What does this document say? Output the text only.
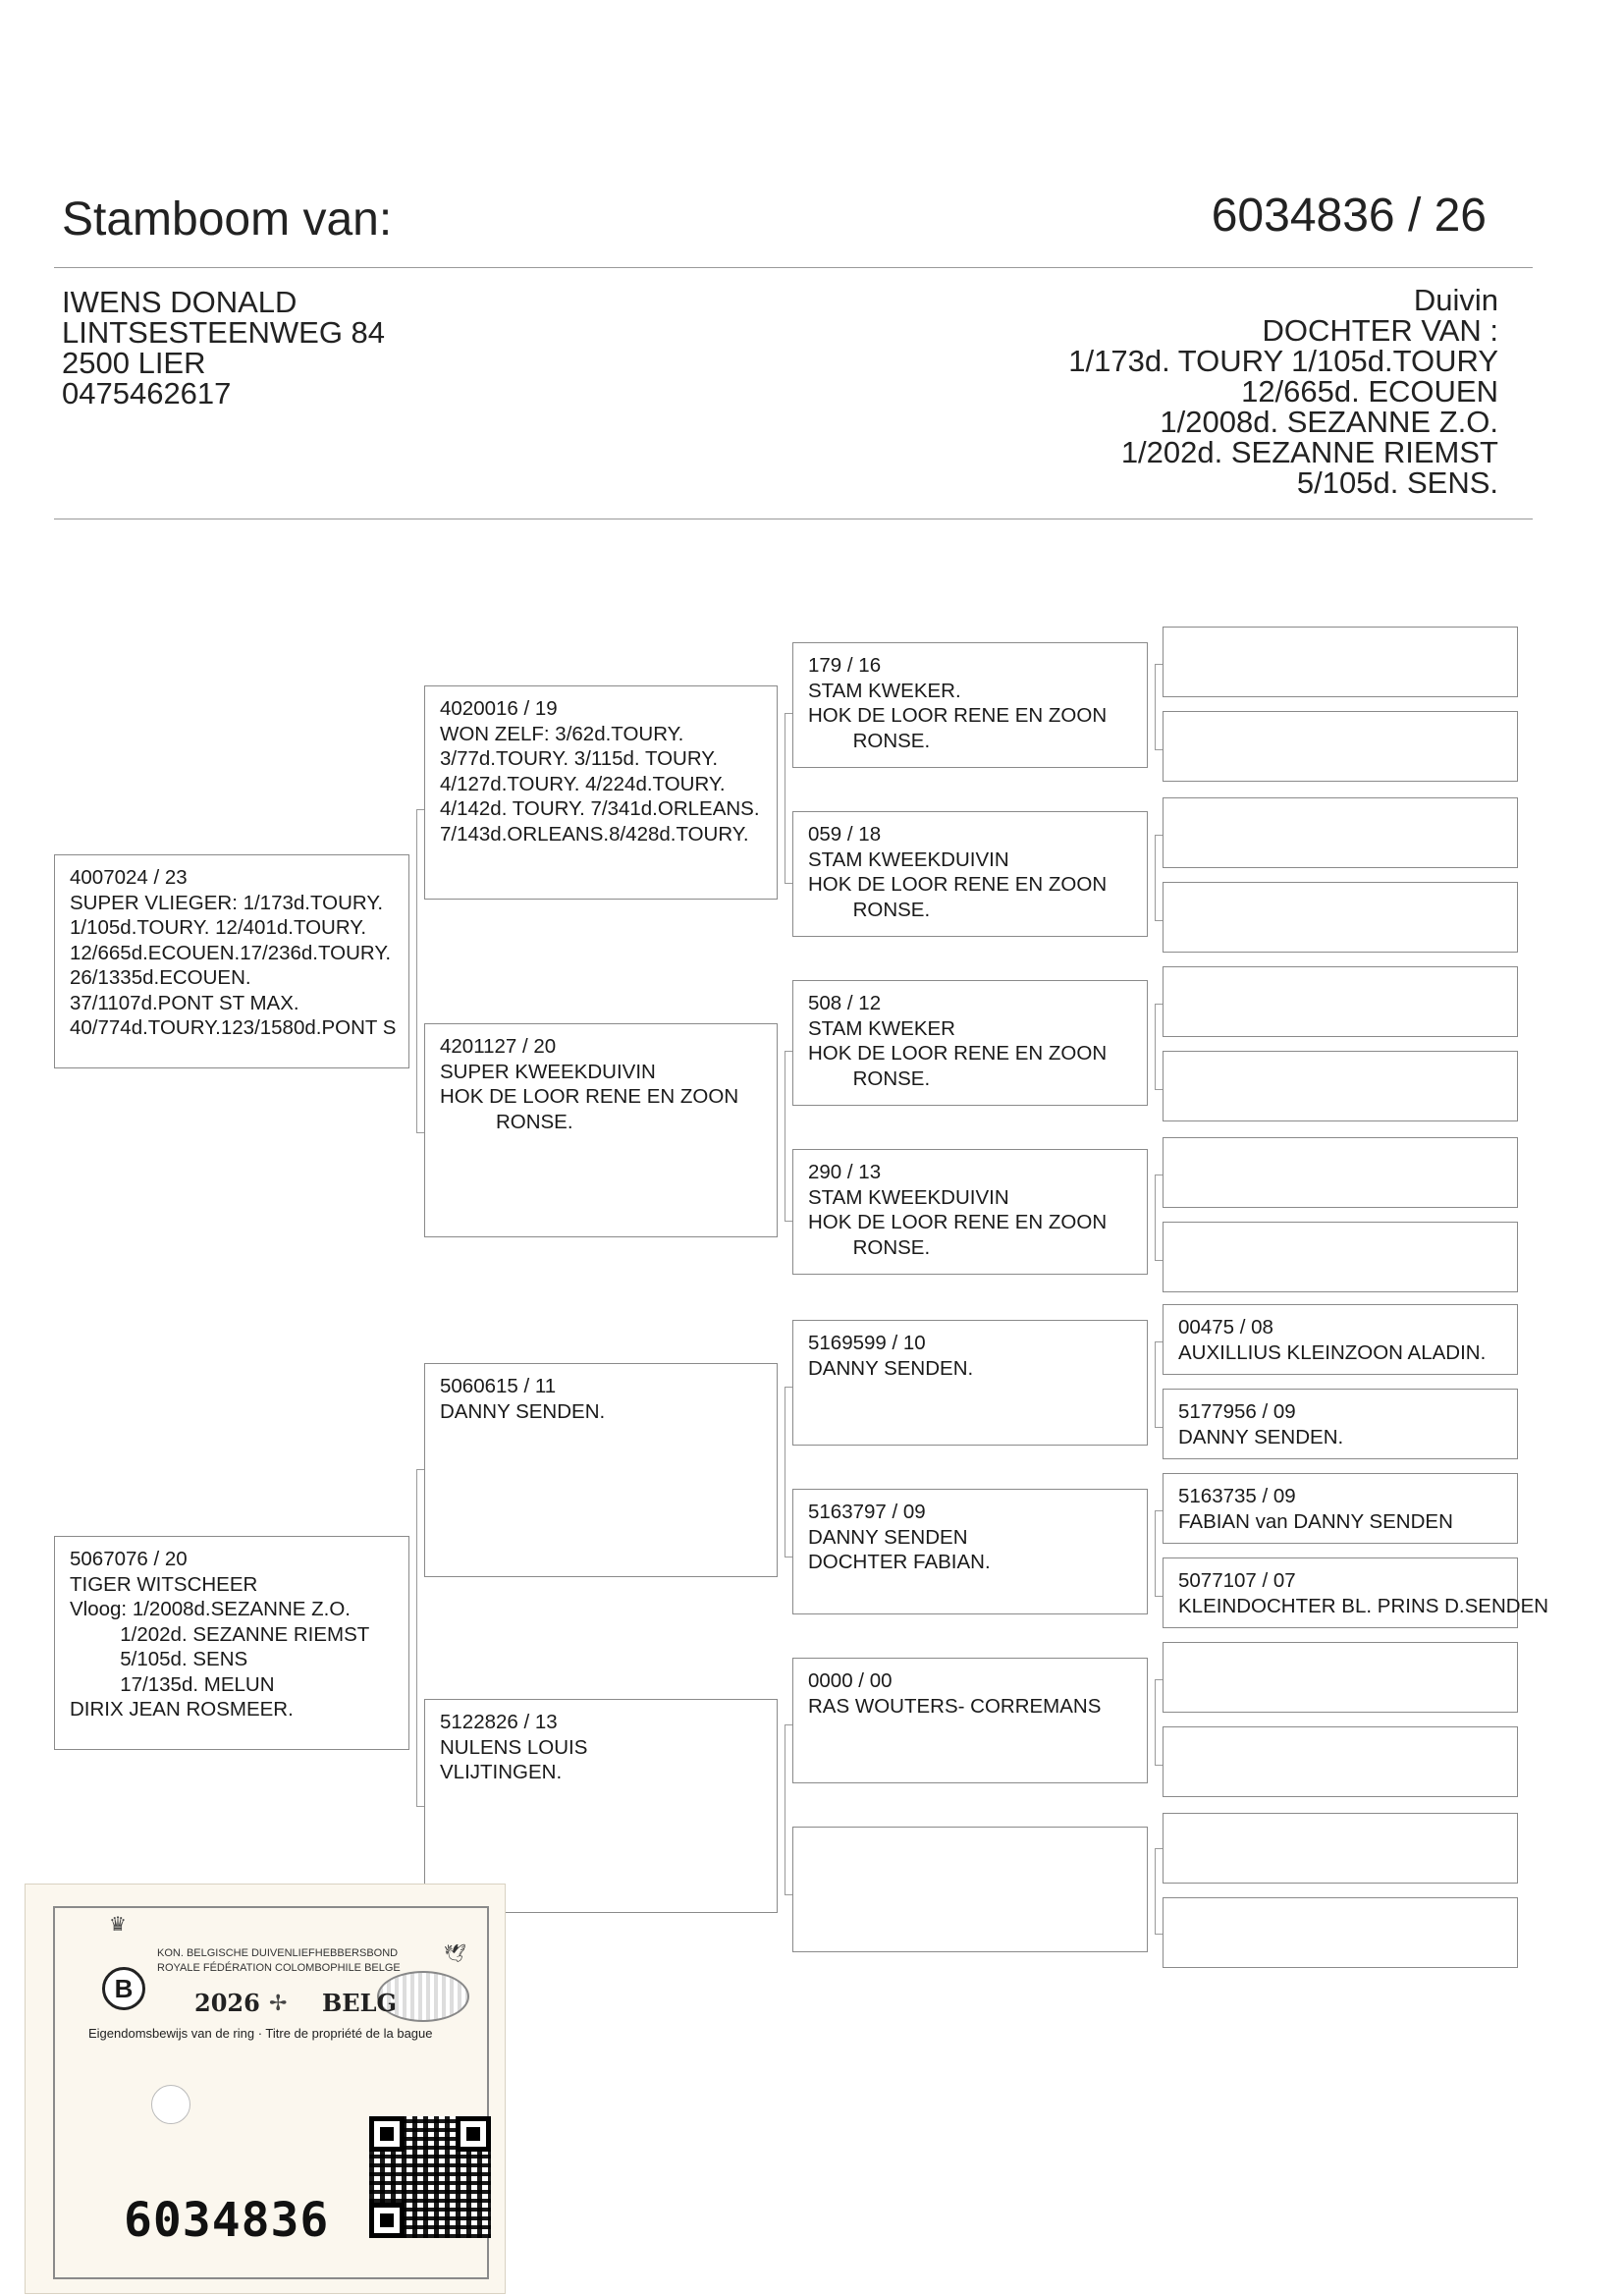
Stamboom van:	6034836 / 26
IWENS DONALD
LINTSESTEENWEG 84
2500 LIER
0475462617
Duivin
DOCHTER VAN :
1/173d. TOURY 1/105d.TOURY
12/665d. ECOUEN
1/2008d. SEZANNE Z.O.
1/202d. SEZANNE RIEMST
5/105d. SENS.
4007024 / 23
SUPER VLIEGER: 1/173d.TOURY.
1/105d.TOURY. 12/401d.TOURY.
12/665d.ECOUEN.17/236d.TOURY.
26/1335d.ECOUEN.
37/1107d.PONT ST MAX.
40/774d.TOURY.123/1580d.PONT S
5067076 / 20
TIGER WITSCHEER
Vloog: 1/2008d.SEZANNE Z.O.
1/202d. SEZANNE RIEMST
5/105d. SENS
17/135d. MELUN
DIRIX JEAN ROSMEER.
4020016 / 19
WON ZELF: 3/62d.TOURY.
3/77d.TOURY. 3/115d. TOURY.
4/127d.TOURY. 4/224d.TOURY.
4/142d. TOURY. 7/341d.ORLEANS.
7/143d.ORLEANS.8/428d.TOURY.
4201127 / 20
SUPER KWEEKDUIVIN
HOK DE LOOR RENE EN ZOON
RONSE.
5060615 / 11
DANNY SENDEN.
5122826 / 13
NULENS LOUIS
VLIJTINGEN.
179 / 16
STAM KWEKER.
HOK DE LOOR RENE EN ZOON
RONSE.
059 / 18
STAM KWEEKDUIVIN
HOK DE LOOR RENE EN ZOON
RONSE.
508 / 12
STAM KWEKER
HOK DE LOOR RENE EN ZOON
RONSE.
290 / 13
STAM KWEEKDUIVIN
HOK DE LOOR RENE EN ZOON
RONSE.
5169599 / 10
DANNY SENDEN.
5163797 / 09
DANNY SENDEN
DOCHTER FABIAN.
0000 / 00
RAS WOUTERS- CORREMANS
00475 / 08
AUXILLIUS KLEINZOON ALADIN.
5177956 / 09
DANNY SENDEN.
5163735 / 09
FABIAN van DANNY SENDEN
5077107 / 07
KLEINDOCHTER BL. PRINS D.SENDEN
♛
B
KON. BELGISCHE DUIVENLIEFHEBBERSBOND
ROYALE FÉDÉRATION COLOMBOPHILE BELGE
🕊
2026 ✢ BELG
Eigendomsbewijs van de ring · Titre de propriété de la bague
6034836
